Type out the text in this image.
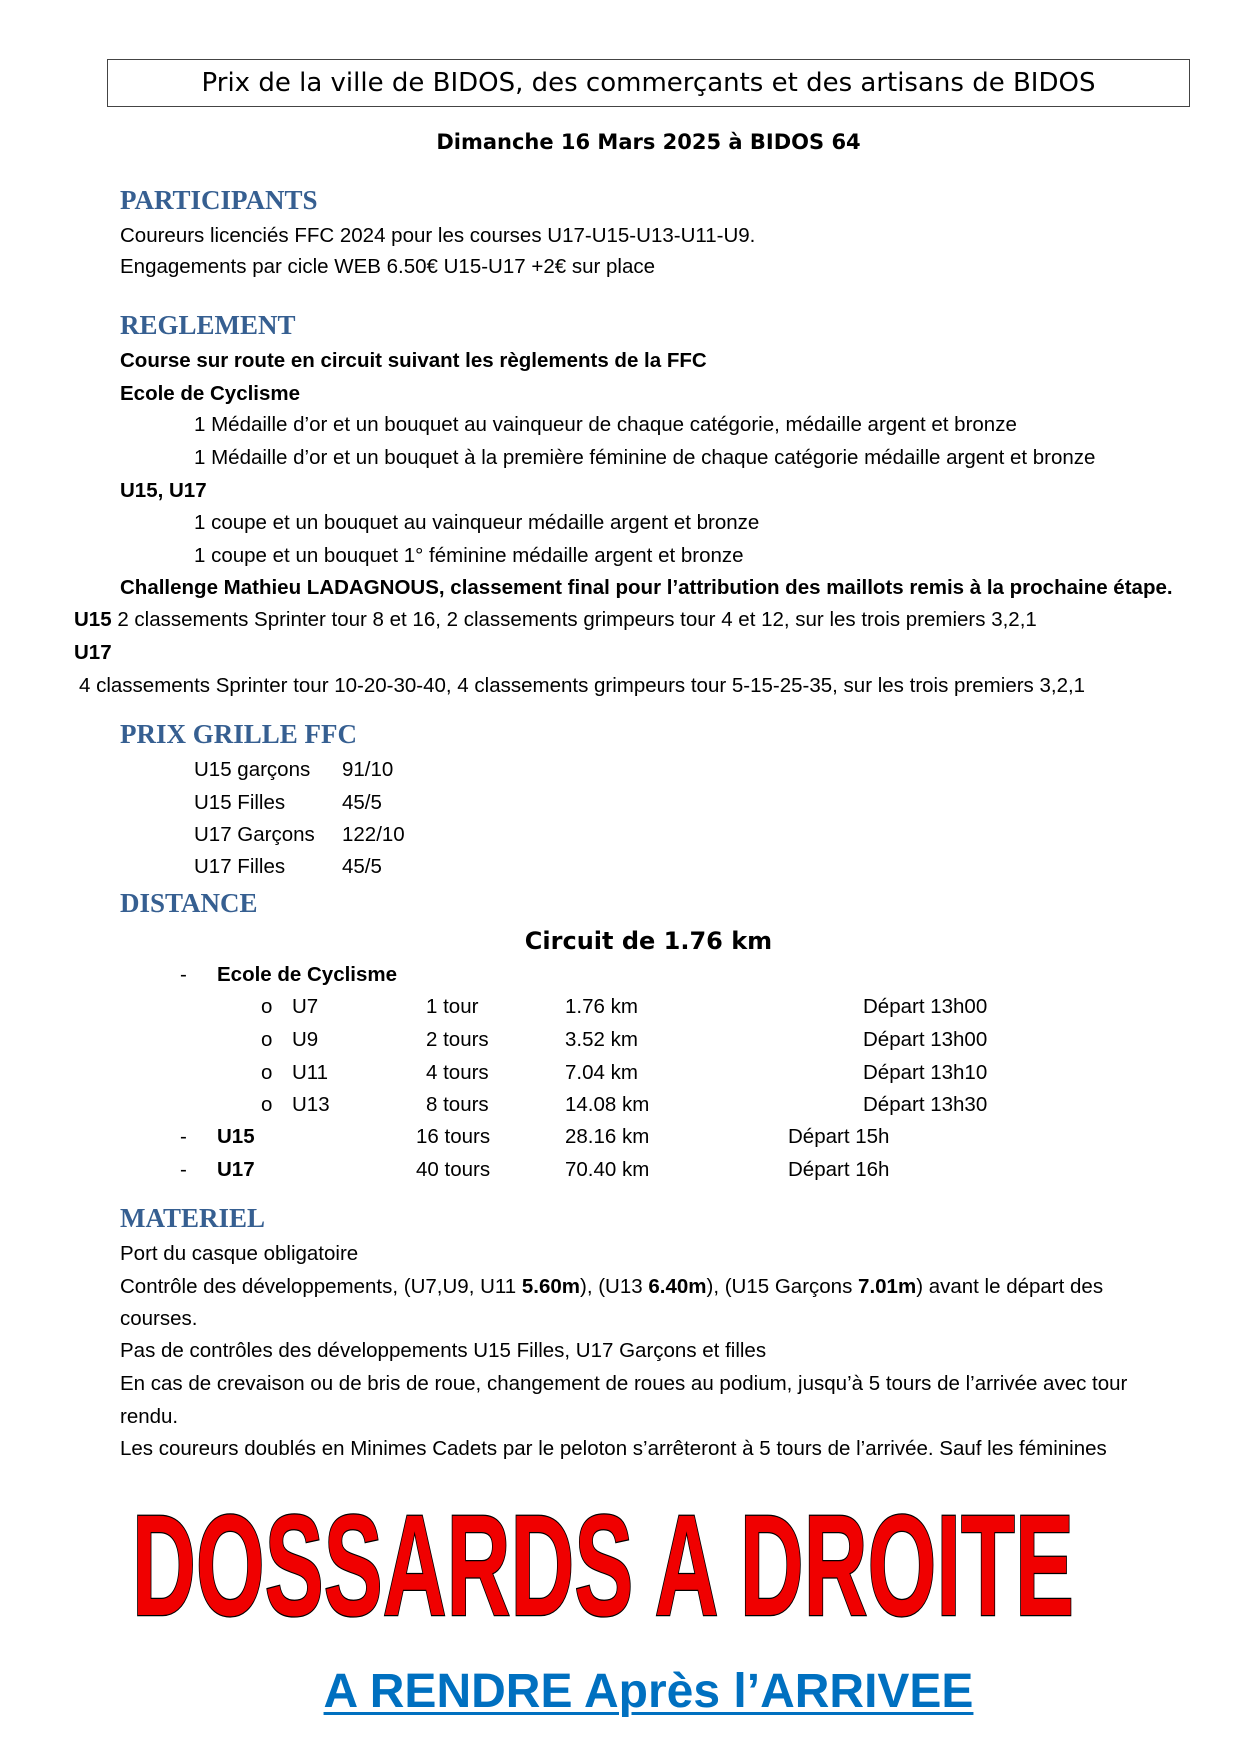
Prix de la ville de BIDOS, des commerçants et des artisans de BIDOS
Dimanche 16 Mars 2025 à BIDOS 64
PARTICIPANTS
Coureurs licenciés FFC 2024 pour les courses U17-U15-U13-U11-U9.
Engagements par cicle WEB 6.50€ U15-U17 +2€ sur place
REGLEMENT
Course sur route en circuit suivant les règlements de la FFC
Ecole de Cyclisme
1 Médaille d’or et un bouquet au vainqueur de chaque catégorie, médaille argent et bronze
1 Médaille d’or et un bouquet à la première féminine de chaque catégorie médaille argent et bronze
U15, U17
1 coupe et un bouquet au vainqueur médaille argent et bronze
1 coupe et un bouquet 1° féminine médaille argent et bronze
Challenge Mathieu LADAGNOUS, classement final pour l’attribution des maillots remis à la prochaine étape.
U15 2 classements Sprinter tour 8 et 16, 2 classements grimpeurs tour 4 et 12, sur les trois premiers 3,2,1
U17
4 classements Sprinter tour 10-20-30-40, 4 classements grimpeurs tour 5-15-25-35, sur les trois premiers 3,2,1
PRIX GRILLE FFC
U15 garçons 91/10
U15 Filles	45/5
U17 Garçons 122/10
U17 Filles	45/5
DISTANCE
Circuit de 1.76 km
- Ecole de Cyclisme
o U7	1 tour	1.76 km	Départ 13h00
o U9	2 tours	3.52 km	Départ 13h00
o U11	4 tours	7.04 km	Départ 13h10
o U13	8 tours	14.08 km	Départ 13h30
- U15	16 tours	28.16 km	Départ 15h
- U17	40 tours	70.40 km	Départ 16h
MATERIEL
Port du casque obligatoire
Contrôle des développements, (U7,U9, U11 5.60m), (U13 6.40m), (U15 Garçons 7.01m) avant le départ des
courses.
Pas de contrôles des développements U15 Filles, U17 Garçons et filles
En cas de crevaison ou de bris de roue, changement de roues au podium, jusqu’à 5 tours de l’arrivée avec tour
rendu.
Les coureurs doublés en Minimes Cadets par le peloton s’arrêteront à 5 tours de l’arrivée. Sauf les féminines
DOSSARDS A DROITE
A RENDRE Après l’ARRIVEE
